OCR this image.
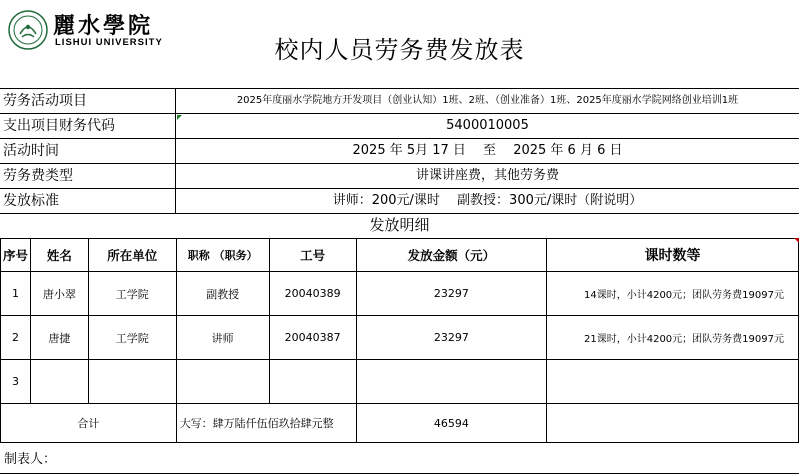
麗水學院
LISHUI UNIVERSITY	校内人员劳务费发放表
劳务活动项目	2025年度丽水学院地方开发项目（创业认知）1班、2班、（创业准备）1班、2025年度丽水学院网络创业培训1班
支出项目财务代码	5400010005
活动时间	2025 年 5月 17 日 　至　 2025 年 6 月 6 日
劳务费类型	讲课讲座费，其他劳务费
发放标准	讲师：200元/课时　 副教授：300元/课时（附说明）
发放明细
序号	姓名	所在单位	职称 （职务）	工号	发放金额（元）	课时数等
1	唐小翠	工学院	副教授	20040389	23297	14课时，小计4200元；团队劳务费19097元
2	唐捷	工学院	讲师	20040387	23297	21课时，小计4200元；团队劳务费19097元
3						
合计			大写：肆万陆仟伍佰玖拾肆元整		46594	
制表人：
